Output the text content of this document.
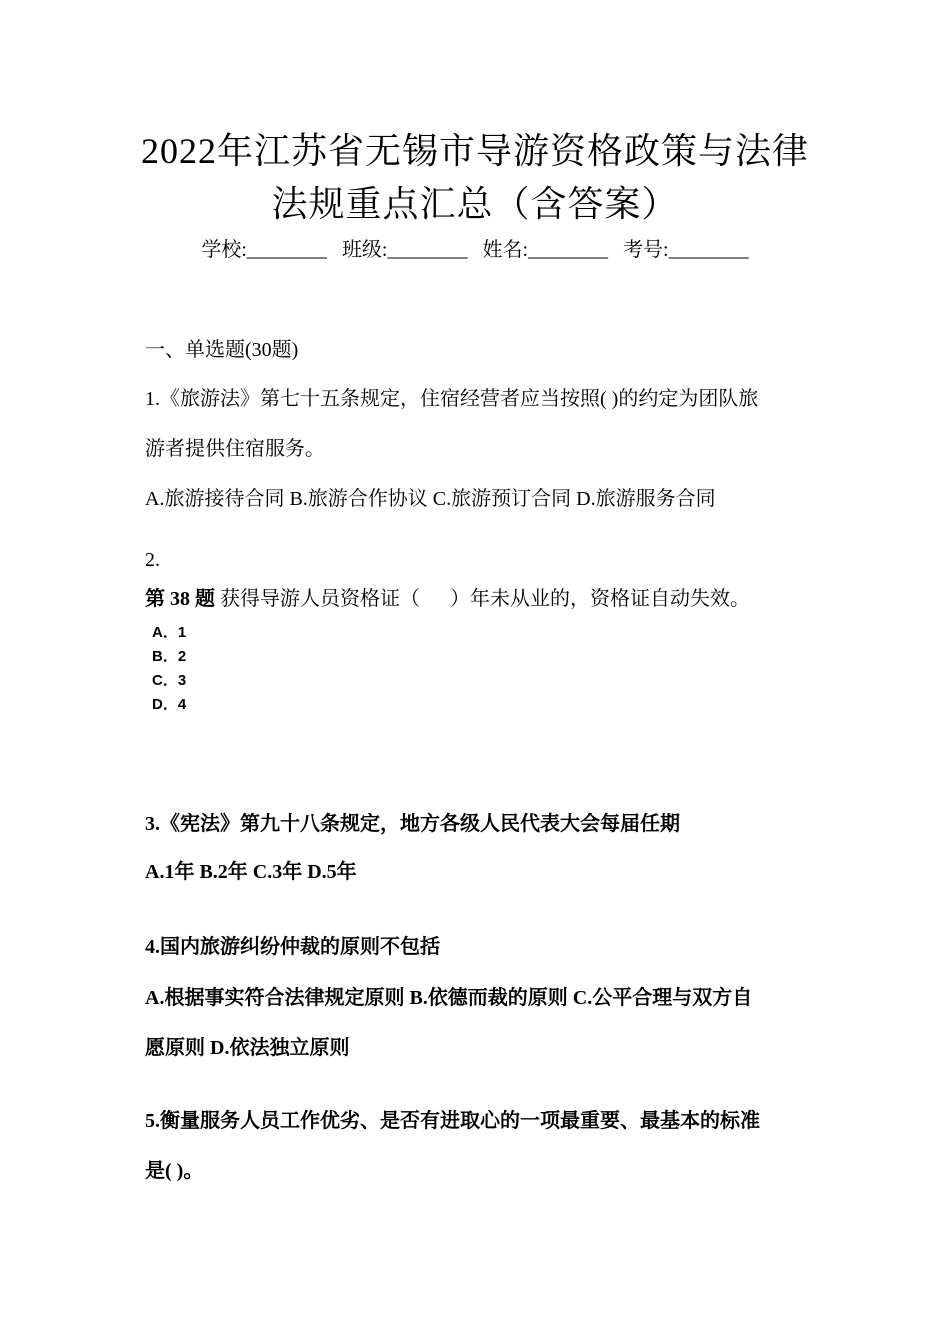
2022年江苏省无锡市导游资格政策与法律
法规重点汇总（含答案）
学校:________ 班级:________ 姓名:________ 考号:________
一、单选题(30题)
1.《旅游法》第七十五条规定，住宿经营者应当按照( )的约定为团队旅
游者提供住宿服务。
A.旅游接待合同 B.旅游合作协议 C.旅游预订合同 D.旅游服务合同
2.
第 38 题 获得导游人员资格证（      ）年未从业的，资格证自动失效。
A．1
B．2
C．3
D．4
3.《宪法》第九十八条规定，地方各级人民代表大会每届任期
A.1年 B.2年 C.3年 D.5年
4.国内旅游纠纷仲裁的原则不包括
A.根据事实符合法律规定原则 B.依德而裁的原则 C.公平合理与双方自
愿原则 D.依法独立原则
5.衡量服务人员工作优劣、是否有进取心的一项最重要、最基本的标准
是( )。
